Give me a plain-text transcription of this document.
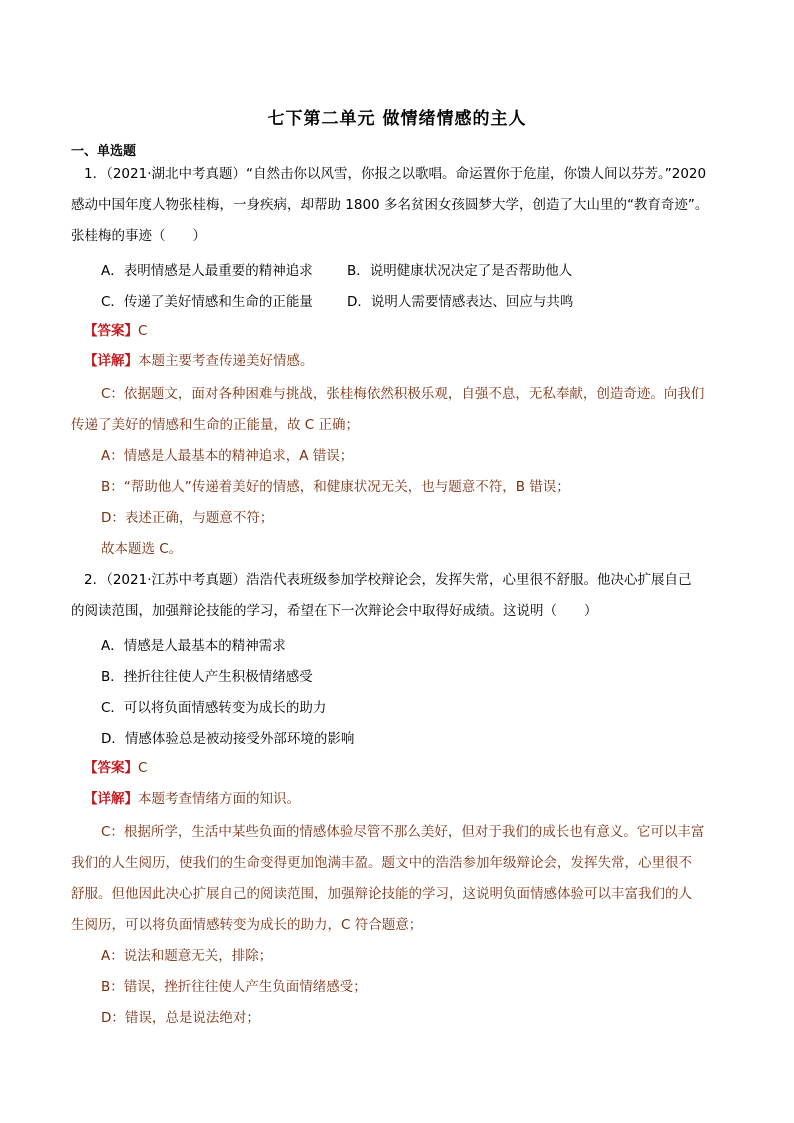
七下第二单元 做情绪情感的主人
一、单选题
1．（2021·湖北中考真题）“自然击你以风雪，你报之以歌唱。命运置你于危崖，你馈人间以芬芳。”2020
感动中国年度人物张桂梅，一身疾病，却帮助 1800 多名贫困女孩圆梦大学，创造了大山里的“教育奇迹”。
张桂梅的事迹（　　）
A．表明情感是人最重要的精神追求	B．说明健康状况决定了是否帮助他人
C．传递了美好情感和生命的正能量	D．说明人需要情感表达、回应与共鸣
【答案】C
【详解】本题主要考查传递美好情感。
C：依据题文，面对各种困难与挑战，张桂梅依然积极乐观，自强不息，无私奉献，创造奇迹。向我们
传递了美好的情感和生命的正能量，故 C 正确；
A：情感是人最基本的精神追求，A 错误；
B：“帮助他人”传递着美好的情感，和健康状况无关，也与题意不符，B 错误；
D：表述正确，与题意不符；
故本题选 C。
2．（2021·江苏中考真题）浩浩代表班级参加学校辩论会，发挥失常，心里很不舒服。他决心扩展自己
的阅读范围，加强辩论技能的学习，希望在下一次辩论会中取得好成绩。这说明（　　）
A．情感是人最基本的精神需求
B．挫折往往使人产生积极情绪感受
C．可以将负面情感转变为成长的助力
D．情感体验总是被动接受外部环境的影响
【答案】C
【详解】本题考查情绪方面的知识。
C：根据所学，生活中某些负面的情感体验尽管不那么美好，但对于我们的成长也有意义。它可以丰富
我们的人生阅历，使我们的生命变得更加饱满丰盈。题文中的浩浩参加年级辩论会，发挥失常，心里很不
舒服。但他因此决心扩展自己的阅读范围，加强辩论技能的学习，这说明负面情感体验可以丰富我们的人
生阅历，可以将负面情感转变为成长的助力，C 符合题意；
A：说法和题意无关，排除；
B：错误，挫折往往使人产生负面情绪感受；
D：错误，总是说法绝对；
